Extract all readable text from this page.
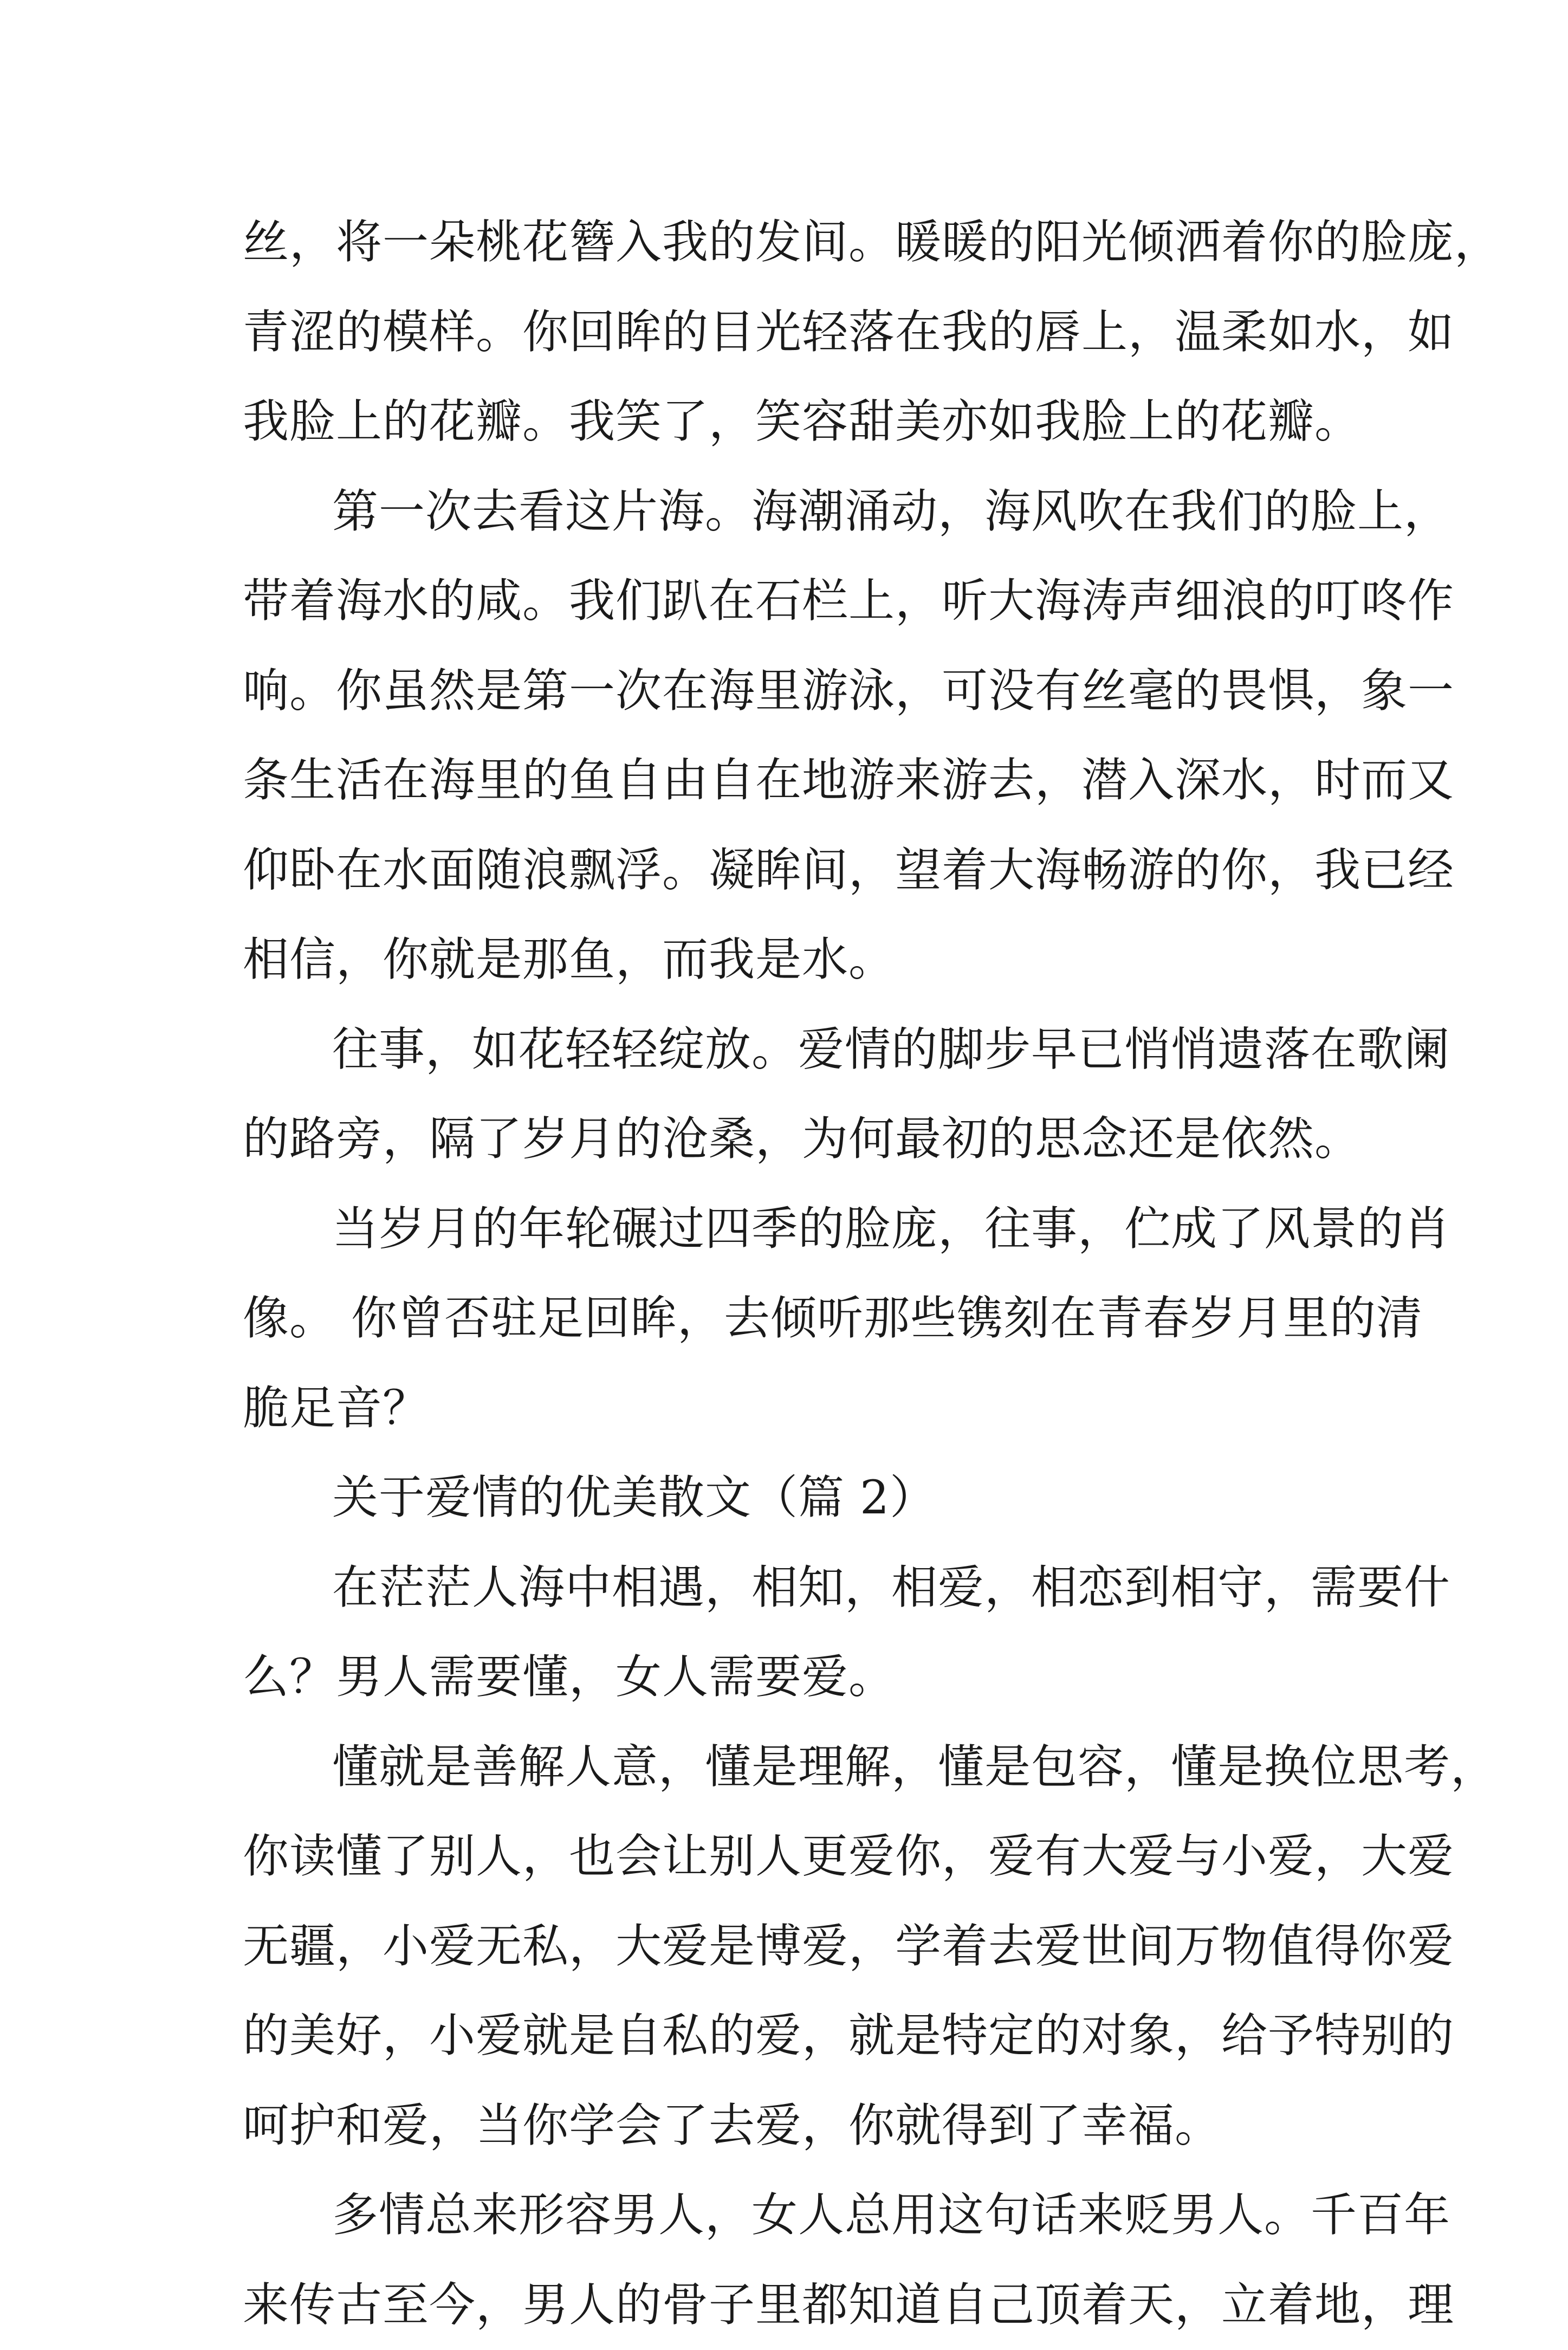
丝，将一朵桃花簪入我的发间。暖暖的阳光倾洒着你的脸庞，
青涩的模样。你回眸的目光轻落在我的唇上，温柔如水，如
我脸上的花瓣。我笑了，笑容甜美亦如我脸上的花瓣。
第一次去看这片海。海潮涌动，海风吹在我们的脸上，
带着海水的咸。我们趴在石栏上，听大海涛声细浪的叮咚作
响。你虽然是第一次在海里游泳，可没有丝毫的畏惧，象一
条生活在海里的鱼自由自在地游来游去，潜入深水，时而又
仰卧在水面随浪飘浮。凝眸间，望着大海畅游的你，我已经
相信，你就是那鱼，而我是水。
往事，如花轻轻绽放。爱情的脚步早已悄悄遗落在歌阑
的路旁，隔了岁月的沧桑，为何最初的思念还是依然。
当岁月的年轮碾过四季的脸庞，往事，伫成了风景的肖
像。 你曾否驻足回眸，去倾听那些镌刻在青春岁月里的清
脆足音？
关于爱情的优美散文（篇 2）
在茫茫人海中相遇，相知，相爱，相恋到相守，需要什
么？男人需要懂，女人需要爱。
懂就是善解人意，懂是理解，懂是包容，懂是换位思考，
你读懂了别人，也会让别人更爱你，爱有大爱与小爱，大爱
无疆，小爱无私，大爱是博爱，学着去爱世间万物值得你爱
的美好，小爱就是自私的爱，就是特定的对象，给予特别的
呵护和爱，当你学会了去爱，你就得到了幸福。
多情总来形容男人，女人总用这句话来贬男人。千百年
来传古至今，男人的骨子里都知道自己顶着天，立着地，理
